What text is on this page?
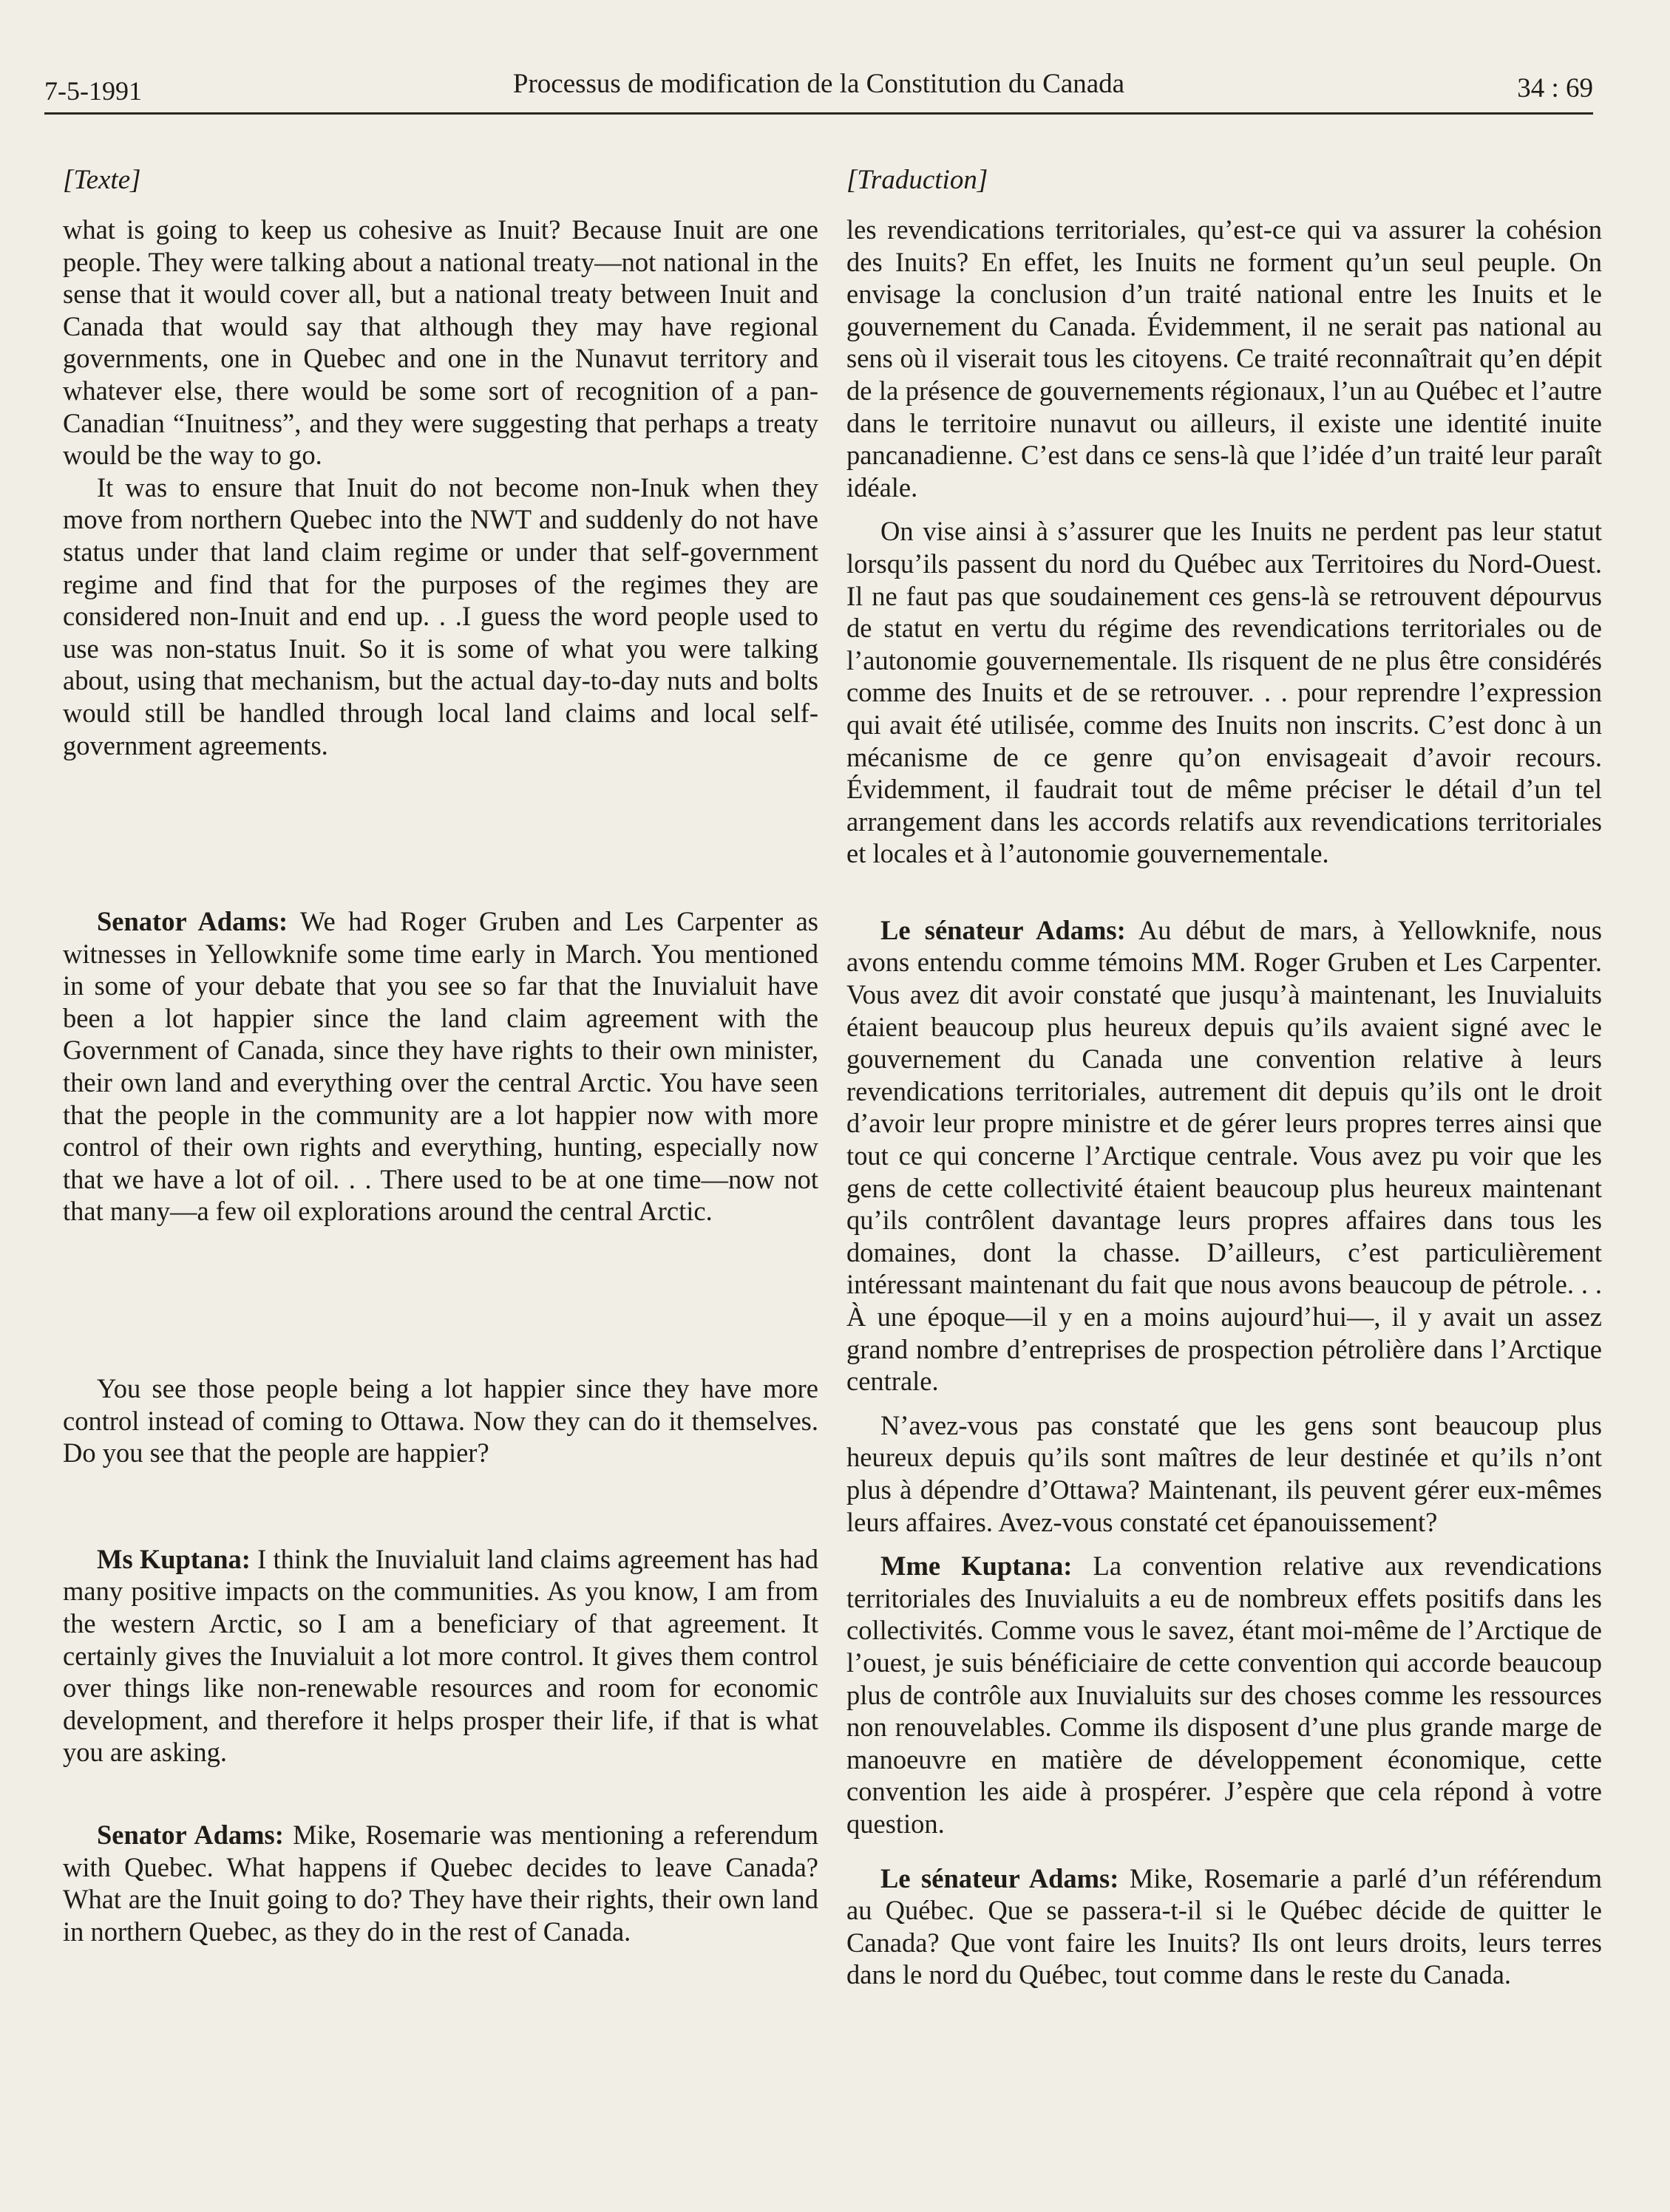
7-5-1991	Processus de modification de la Constitution du Canada	34 : 69
[Texte]

what is going to keep us cohesive as Inuit? Because Inuit are one people. They were talking about a national treaty—not national in the sense that it would cover all, but a national treaty between Inuit and Canada that would say that although they may have regional governments, one in Quebec and one in the Nunavut territory and whatever else, there would be some sort of recognition of a pan-Canadian “Inuitness”, and they were suggesting that perhaps a treaty would be the way to go.

It was to ensure that Inuit do not become non-Inuk when they move from northern Quebec into the NWT and suddenly do not have status under that land claim regime or under that self-government regime and find that for the purposes of the regimes they are considered non-Inuit and end up. . .I guess the word people used to use was non-status Inuit. So it is some of what you were talking about, using that mechanism, but the actual day-to-day nuts and bolts would still be handled through local land claims and local self-government agreements.

Senator Adams: We had Roger Gruben and Les Carpenter as witnesses in Yellowknife some time early in March. You mentioned in some of your debate that you see so far that the Inuvialuit have been a lot happier since the land claim agreement with the Government of Canada, since they have rights to their own minister, their own land and everything over the central Arctic. You have seen that the people in the community are a lot happier now with more control of their own rights and everything, hunting, especially now that we have a lot of oil. . . There used to be at one time—now not that many—a few oil explorations around the central Arctic.

You see those people being a lot happier since they have more control instead of coming to Ottawa. Now they can do it themselves. Do you see that the people are happier?

Ms Kuptana: I think the Inuvialuit land claims agreement has had many positive impacts on the communities. As you know, I am from the western Arctic, so I am a beneficiary of that agreement. It certainly gives the Inuvialuit a lot more control. It gives them control over things like non-renewable resources and room for economic development, and therefore it helps prosper their life, if that is what you are asking.

Senator Adams: Mike, Rosemarie was mentioning a referendum with Quebec. What happens if Quebec decides to leave Canada? What are the Inuit going to do? They have their rights, their own land in northern Quebec, as they do in the rest of Canada.

[Traduction]

les revendications territoriales, qu’est-ce qui va assurer la cohésion des Inuits? En effet, les Inuits ne forment qu’un seul peuple. On envisage la conclusion d’un traité national entre les Inuits et le gouvernement du Canada. Évidemment, il ne serait pas national au sens où il viserait tous les citoyens. Ce traité reconnaîtrait qu’en dépit de la présence de gouvernements régionaux, l’un au Québec et l’autre dans le territoire nunavut ou ailleurs, il existe une identité inuite pancanadienne. C’est dans ce sens-là que l’idée d’un traité leur paraît idéale.

On vise ainsi à s’assurer que les Inuits ne perdent pas leur statut lorsqu’ils passent du nord du Québec aux Territoires du Nord-Ouest. Il ne faut pas que soudainement ces gens-là se retrouvent dépourvus de statut en vertu du régime des revendications territoriales ou de l’autonomie gouvernementale. Ils risquent de ne plus être considérés comme des Inuits et de se retrouver. . . pour reprendre l’expression qui avait été utilisée, comme des Inuits non inscrits. C’est donc à un mécanisme de ce genre qu’on envisageait d’avoir recours. Évidemment, il faudrait tout de même préciser le détail d’un tel arrangement dans les accords relatifs aux revendications territoriales et locales et à l’autonomie gouvernementale.

Le sénateur Adams: Au début de mars, à Yellowknife, nous avons entendu comme témoins MM. Roger Gruben et Les Carpenter. Vous avez dit avoir constaté que jusqu’à maintenant, les Inuvialuits étaient beaucoup plus heureux depuis qu’ils avaient signé avec le gouvernement du Canada une convention relative à leurs revendications territoriales, autrement dit depuis qu’ils ont le droit d’avoir leur propre ministre et de gérer leurs propres terres ainsi que tout ce qui concerne l’Arctique centrale. Vous avez pu voir que les gens de cette collectivité étaient beaucoup plus heureux maintenant qu’ils contrôlent davantage leurs propres affaires dans tous les domaines, dont la chasse. D’ailleurs, c’est particulièrement intéressant maintenant du fait que nous avons beaucoup de pétrole. . . À une époque—il y en a moins aujourd’hui—, il y avait un assez grand nombre d’entreprises de prospection pétrolière dans l’Arctique centrale.

N’avez-vous pas constaté que les gens sont beaucoup plus heureux depuis qu’ils sont maîtres de leur destinée et qu’ils n’ont plus à dépendre d’Ottawa? Maintenant, ils peuvent gérer eux-mêmes leurs affaires. Avez-vous constaté cet épanouissement?

Mme Kuptana: La convention relative aux revendications territoriales des Inuvialuits a eu de nombreux effets positifs dans les collectivités. Comme vous le savez, étant moi-même de l’Arctique de l’ouest, je suis bénéficiaire de cette convention qui accorde beaucoup plus de contrôle aux Inuvialuits sur des choses comme les ressources non renouvelables. Comme ils disposent d’une plus grande marge de manoeuvre en matière de développement économique, cette convention les aide à prospérer. J’espère que cela répond à votre question.

Le sénateur Adams: Mike, Rosemarie a parlé d’un référendum au Québec. Que se passera-t-il si le Québec décide de quitter le Canada? Que vont faire les Inuits? Ils ont leurs droits, leurs terres dans le nord du Québec, tout comme dans le reste du Canada.
